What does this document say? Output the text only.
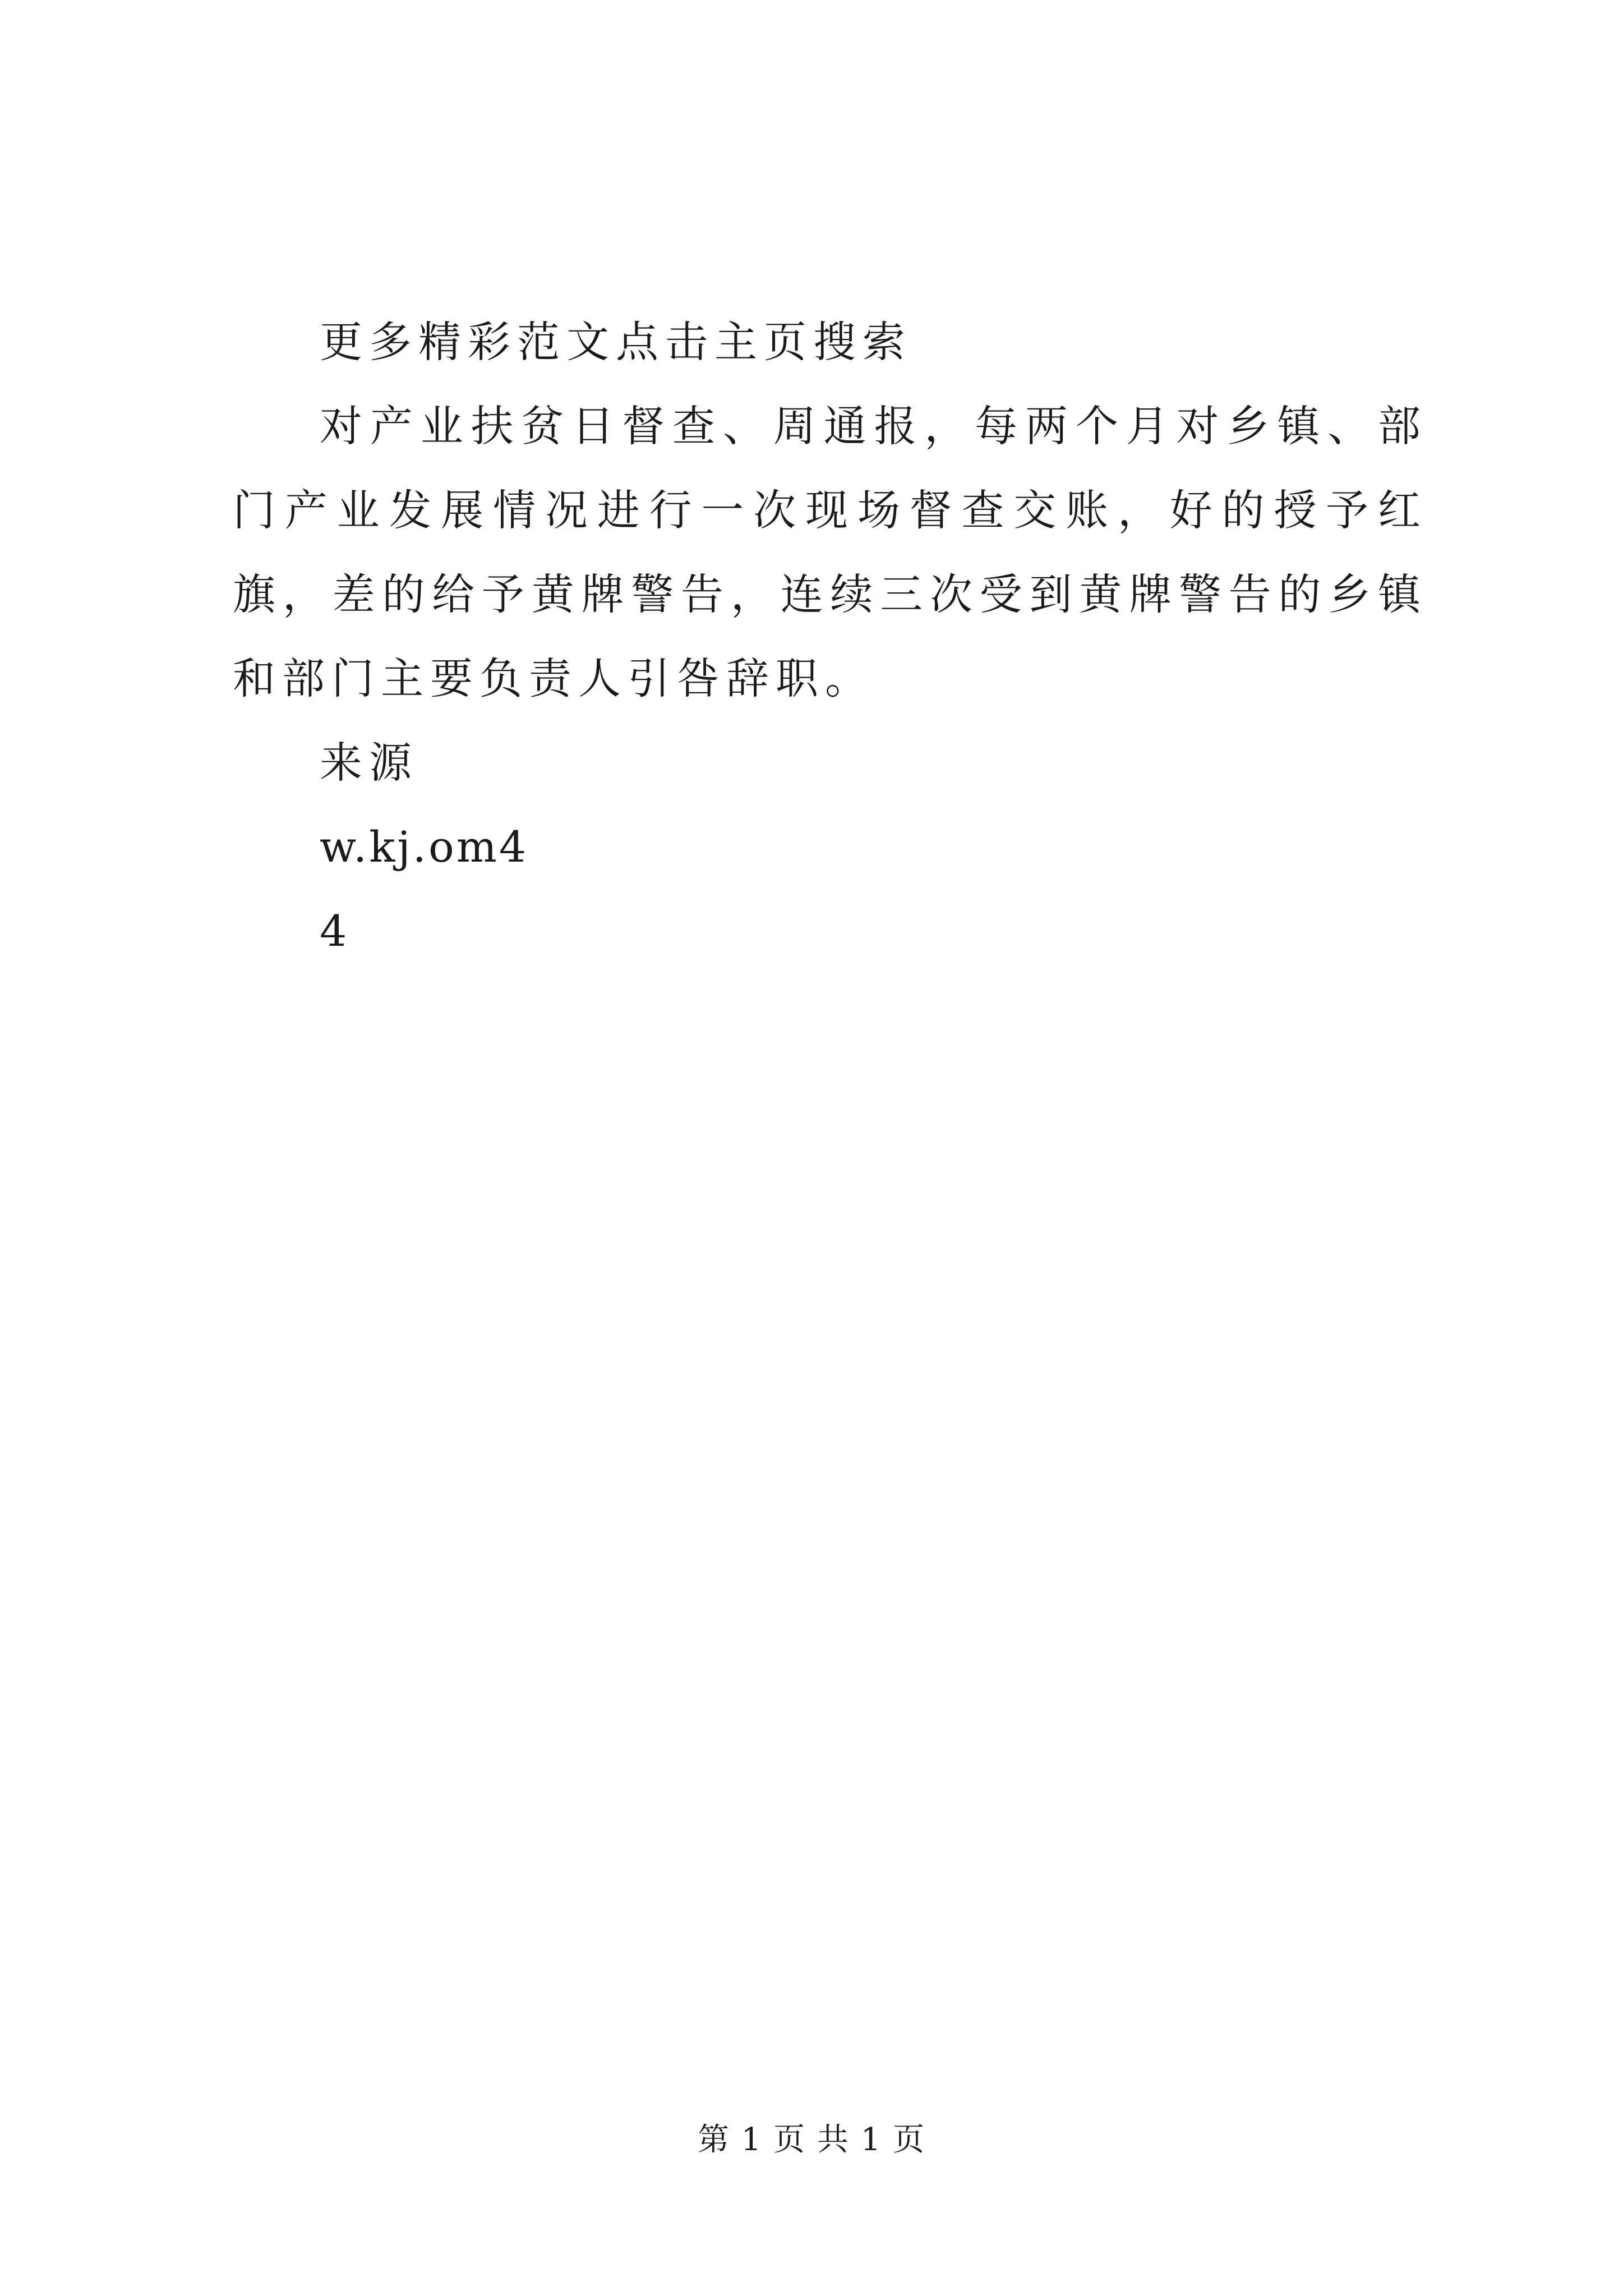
更多精彩范文点击主页搜索

对产业扶贫日督查、周通报，每两个月对乡镇、部门产业发展情况进行一次现场督查交账，好的授予红旗，差的给予黄牌警告，连续三次受到黄牌警告的乡镇和部门主要负责人引咎辞职。

来源

w.kj.om4

4

第 1 页 共 1 页
